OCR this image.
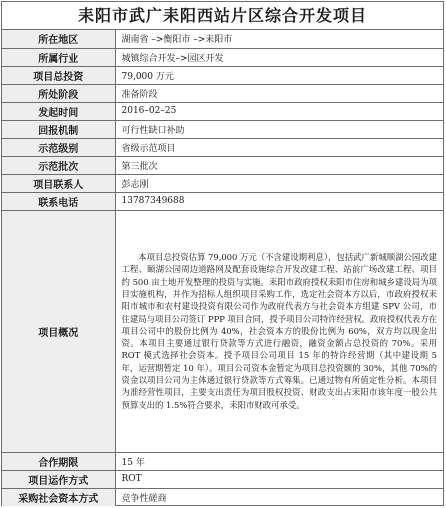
耒阳市武广耒阳西站片区综合开发项目
所在地区	湖南省 –>衡阳市 –>耒阳市
所属行业	城镇综合开发–>园区开发
项目总投资	79,000 万元
所处阶段	准备阶段
发起时间	2016–02–25
回报机制	可行性缺口补助
示范级别	省级示范项目
示范批次	第三批次
项目联系人	彭志刚
联系电话	13787349688
项目概况	本项目总投资估算 79,000 万元（不含建设期利息），包括武广新城顺湖公园改建工程、颐湖公园周边道路网及配套设施综合开发改建工程、站前广场改建工程、项目约 500 亩土地开发整理的投资与实施。耒阳市政府授权耒阳市住房和城乡建设局为项目实施机构，并作为招标人组织项目采购工作，选定社会资本方以后，市政府授权耒阳市城市和农村建设投资有限公司作为政府代表方与社会资本方组建 SPV 公司，市住建局与项目公司签订 PPP 项目合同，授予项目公司特许经营权。政府授权代表方在项目公司中的股份比例为 40%，社会资本方的股份比例为 60%，双方均以现金出资。本项目主要通过银行贷款等方式进行融资，融资金额占总投资的 70%。采用 ROT 模式选择社会资本。授予项目公司项目 15 年的特许经营期（其中建设期 5 年，运营期暂定 10 年）。项目公司资本金暂定为项目总投资额的 30%，其他 70%的资金以项目公司为主体通过银行贷款等方式筹集。已通过物有所值定性分析。本项目为准经营性项目，主要支出责任为项目股权投资、财政支出占耒阳市该年度一般公共预算支出的 1.5%符合要求，耒阳市财政可承受。
合作期限	15 年
项目运作方式	ROT
采购社会资本方式	竞争性磋商
